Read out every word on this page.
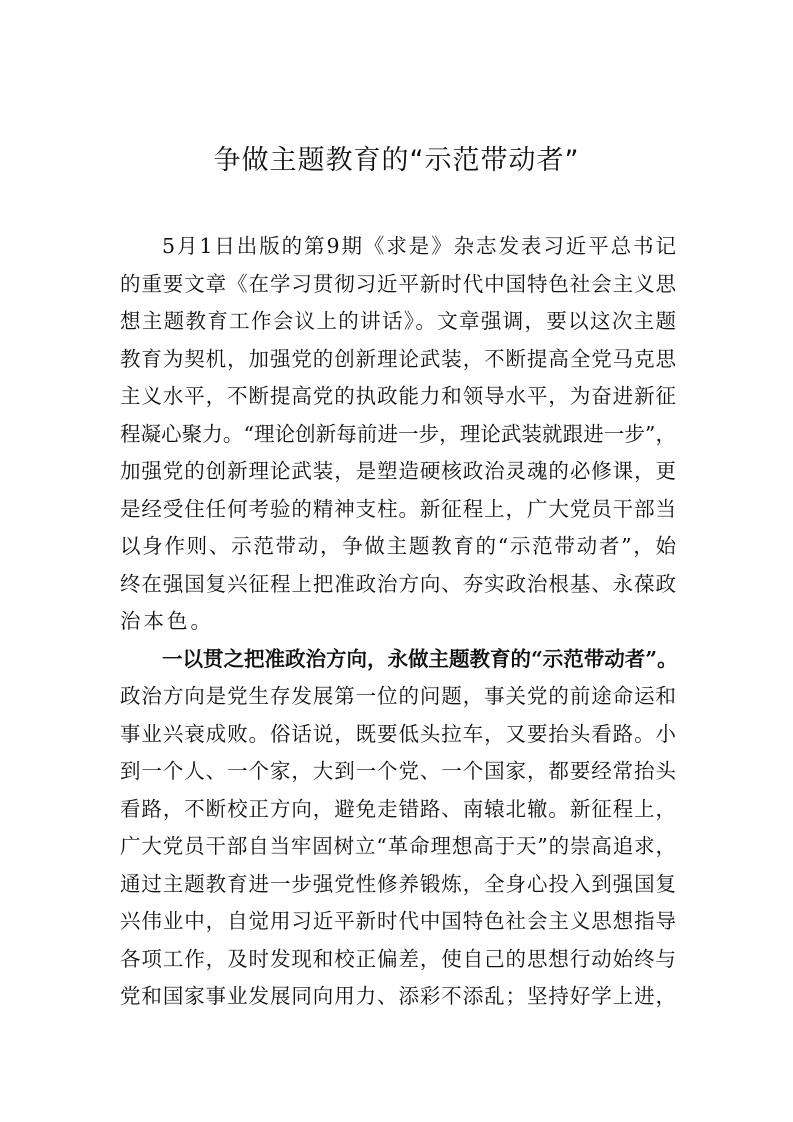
争做主题教育的“示范带动者”
5月1日出版的第9期《求是》杂志发表习近平总书记
的重要文章《在学习贯彻习近平新时代中国特色社会主义思
想主题教育工作会议上的讲话》。文章强调，要以这次主题
教育为契机，加强党的创新理论武装，不断提高全党马克思
主义水平，不断提高党的执政能力和领导水平，为奋进新征
程凝心聚力。“理论创新每前进一步，理论武装就跟进一步”，
加强党的创新理论武装，是塑造硬核政治灵魂的必修课，更
是经受住任何考验的精神支柱。新征程上，广大党员干部当
以身作则、示范带动，争做主题教育的“示范带动者”，始
终在强国复兴征程上把准政治方向、夯实政治根基、永葆政
治本色。
一以贯之把准政治方向，永做主题教育的“示范带动者”。
政治方向是党生存发展第一位的问题，事关党的前途命运和
事业兴衰成败。俗话说，既要低头拉车，又要抬头看路。小
到一个人、一个家，大到一个党、一个国家，都要经常抬头
看路，不断校正方向，避免走错路、南辕北辙。新征程上，
广大党员干部自当牢固树立“革命理想高于天”的崇高追求，
通过主题教育进一步强党性修养锻炼，全身心投入到强国复
兴伟业中，自觉用习近平新时代中国特色社会主义思想指导
各项工作，及时发现和校正偏差，使自己的思想行动始终与
党和国家事业发展同向用力、添彩不添乱；坚持好学上进，
